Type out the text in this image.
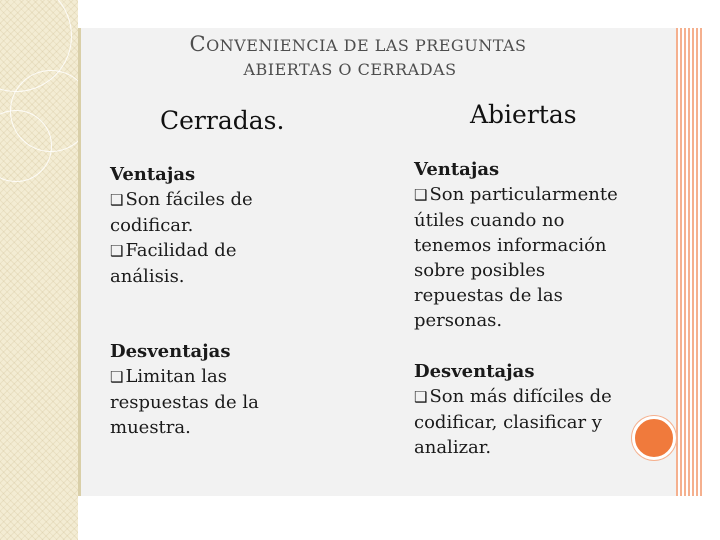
CONVENIENCIA DE LAS PREGUNTAS
ABIERTAS O CERRADAS
Cerradas.	Abiertas
Ventajas
❑ Son fáciles de
codificar.
❑ Facilidad de
análisis.
Desventajas
❑ Limitan las
respuestas de la
muestra.
Ventajas
❑ Son particularmente
útiles cuando no
tenemos información
sobre posibles
repuestas de las
personas.
Desventajas
❑ Son más difíciles de
codificar, clasificar y
analizar.
